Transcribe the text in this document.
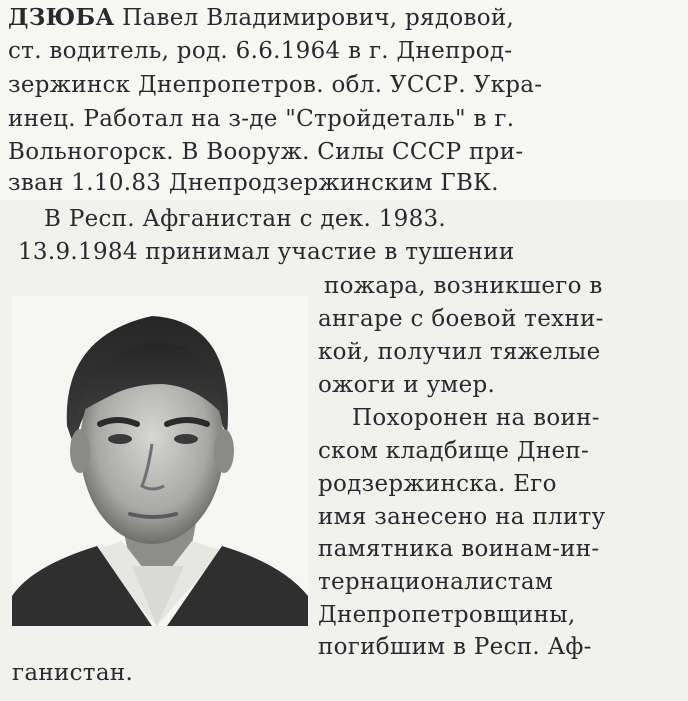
ДЗЮБА Павел Владимирович, рядовой,
ст. водитель, род. 6.6.1964 в г. Днепрод-
зержинск Днепропетров. обл. УССР. Укра-
инец. Работал на з-де "Стройдеталь" в г.
Вольногорск. В Вооруж. Силы СССР при-
зван 1.10.83 Днепродзержинским ГВК.
В Респ. Афганистан с дек. 1983.
13.9.1984 принимал участие в тушении
пожара, возникшего в
ангаре с боевой техни-
кой, получил тяжелые
ожоги и умер.
Похоронен на воин-
ском кладбище Днеп-
родзержинска. Его
имя занесено на плиту
памятника воинам-ин-
тернационалистам
Днепропетровщины,
погибшим в Респ. Аф-
ганистан.
